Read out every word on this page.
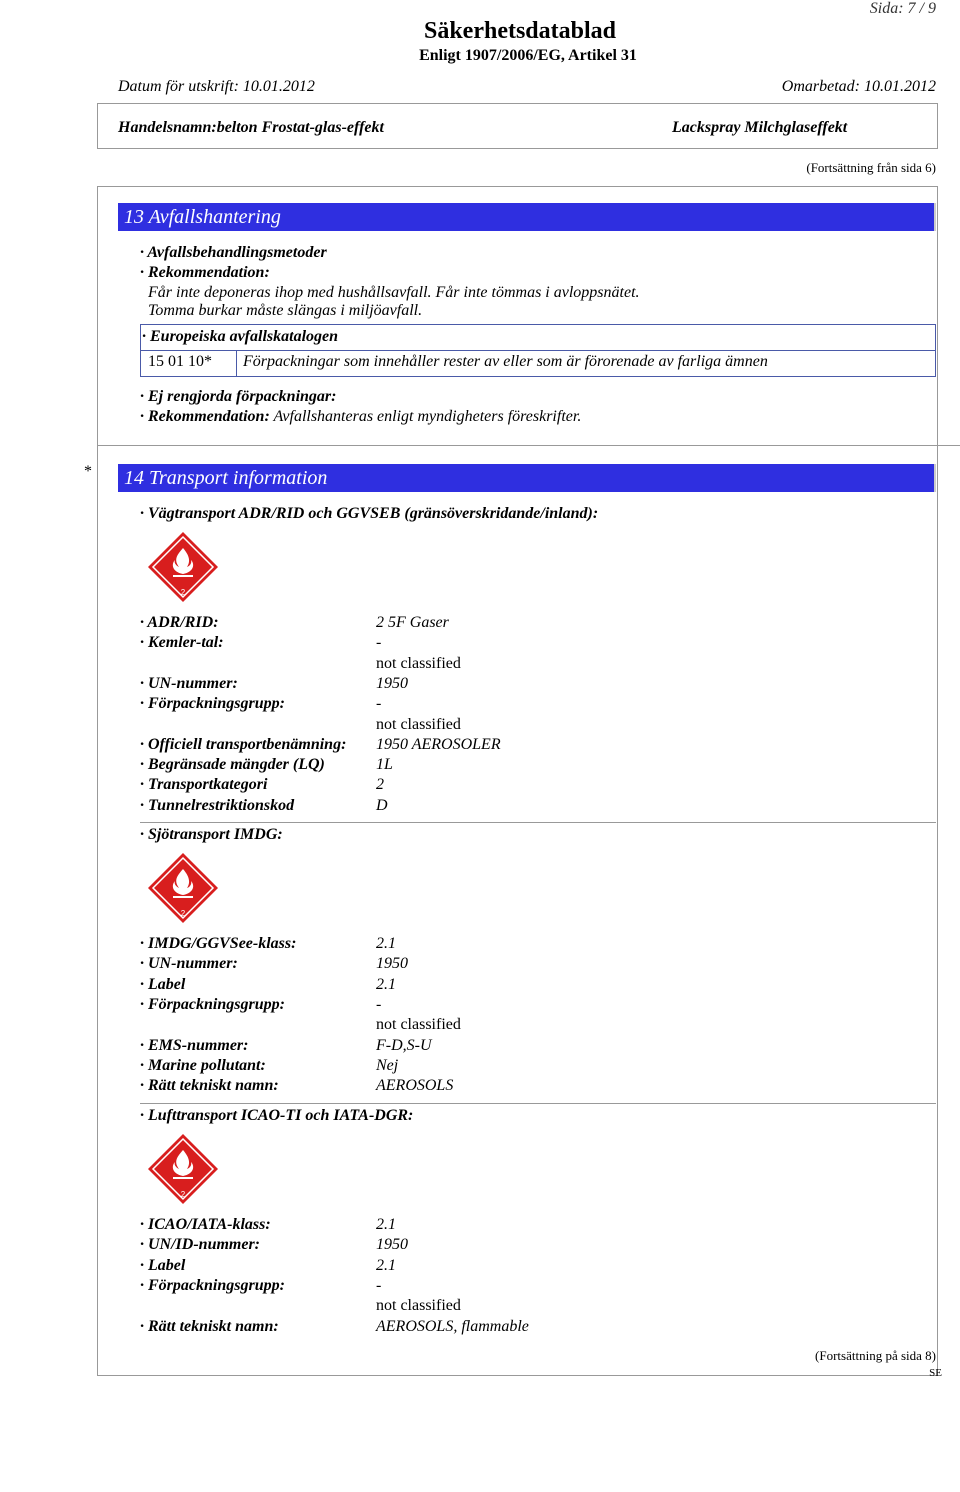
Sida: 7 / 9
Säkerhetsdatablad
Enligt 1907/2006/EG, Artikel 31
Datum för utskrift: 10.01.2012	Omarbetad: 10.01.2012
Handelsnamn:belton Frostat-glas-effekt	Lackspray Milchglaseffekt
(Fortsättning från sida 6)
13 Avfallshantering
· Avfallsbehandlingsmetoder
· Rekommendation:
Får inte deponeras ihop med hushållsavfall. Får inte tömmas i avloppsnätet.
Tomma burkar måste slängas i miljöavfall.
· Europeiska avfallskatalogen
15 01 10* Förpackningar som innehåller rester av eller som är förorenade av farliga ämnen
· Ej rengjorda förpackningar:
· Rekommendation: Avfallshanteras enligt myndigheters föreskrifter.
*	14 Transport information
· Vägtransport ADR/RID och GGVSEB (gränsöverskridande/inland):
2
· ADR/RID:	2 5F Gaser
· Kemler-tal:	-
not classified
· UN-nummer:	1950
· Förpackningsgrupp:	-
not classified
· Officiell transportbenämning: 1950 AEROSOLER
· Begränsade mängder (LQ)	1L
· Transportkategori	2
· Tunnelrestriktionskod	D
· Sjötransport IMDG:
2
· IMDG/GGVSee-klass:	2.1
· UN-nummer:	1950
· Label	2.1
· Förpackningsgrupp:	-
not classified
· EMS-nummer:	F-D,S-U
· Marine pollutant:	Nej
· Rätt tekniskt namn:	AEROSOLS
· Lufttransport ICAO-TI och IATA-DGR:
2
· ICAO/IATA-klass:	2.1
· UN/ID-nummer:	1950
· Label	2.1
· Förpackningsgrupp:	-
not classified
· Rätt tekniskt namn:	AEROSOLS, flammable
(Fortsättning på sida 8)
SE
